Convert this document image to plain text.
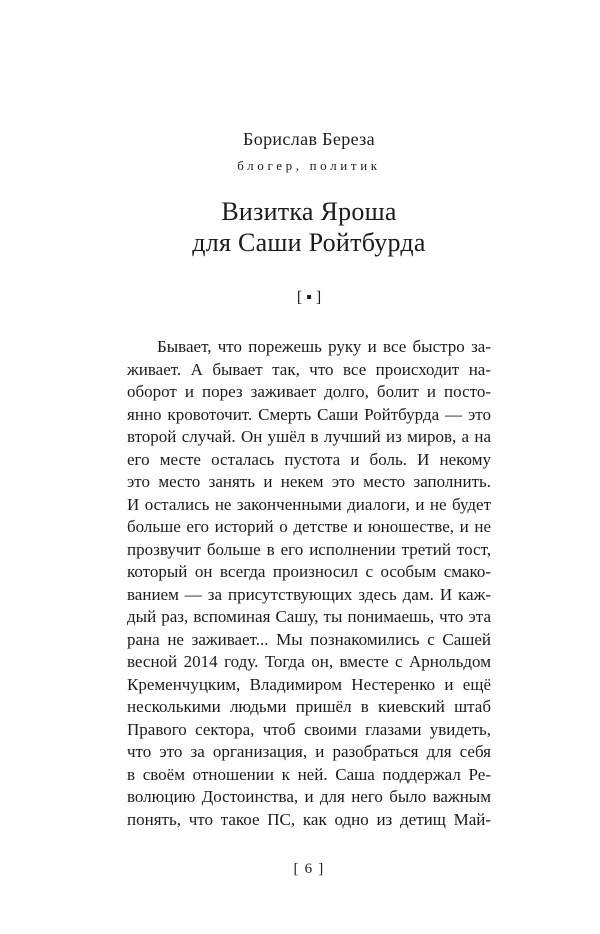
Борислав Береза
блогер, политик
Визитка Яроша
для Саши Ройтбурда
[ ▪ ]
Бывает, что порежешь руку и все быстро за-
живает. А бывает так, что все происходит на-
оборот и порез заживает долго, болит и посто-
янно кровоточит. Смерть Саши Ройтбурда — это
второй случай. Он ушёл в лучший из миров, а на
его месте осталась пустота и боль. И некому
это место занять и некем это место заполнить.
И остались не законченными диалоги, и не будет
больше его историй о детстве и юношестве, и не
прозвучит больше в его исполнении третий тост,
который он всегда произносил с особым смако-
ванием — за присутствующих здесь дам. И каж-
дый раз, вспоминая Сашу, ты понимаешь, что эта
рана не заживает... Мы познакомились с Сашей
весной 2014 году. Тогда он, вместе с Арнольдом
Кременчуцким, Владимиром Нестеренко и ещё
несколькими людьми пришёл в киевский штаб
Правого сектора, чтоб своими глазами увидеть,
что это за организация, и разобраться для себя
в своём отношении к ней. Саша поддержал Ре-
волюцию Достоинства, и для него было важным
понять, что такое ПС, как одно из детищ Май-
[ 6 ]
